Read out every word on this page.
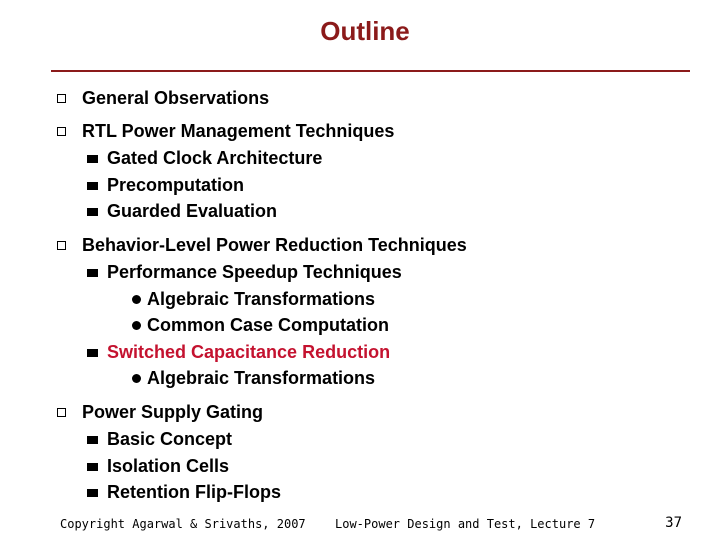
Outline
General Observations
RTL Power Management Techniques
Gated Clock Architecture
Precomputation
Guarded Evaluation
Behavior-Level Power Reduction Techniques
Performance Speedup Techniques
Algebraic Transformations
Common Case Computation
Switched Capacitance Reduction
Algebraic Transformations
Power Supply Gating
Basic Concept
Isolation Cells
Retention Flip-Flops
Copyright Agarwal & Srivaths, 2007 Low-Power Design and Test, Lecture 7	37
